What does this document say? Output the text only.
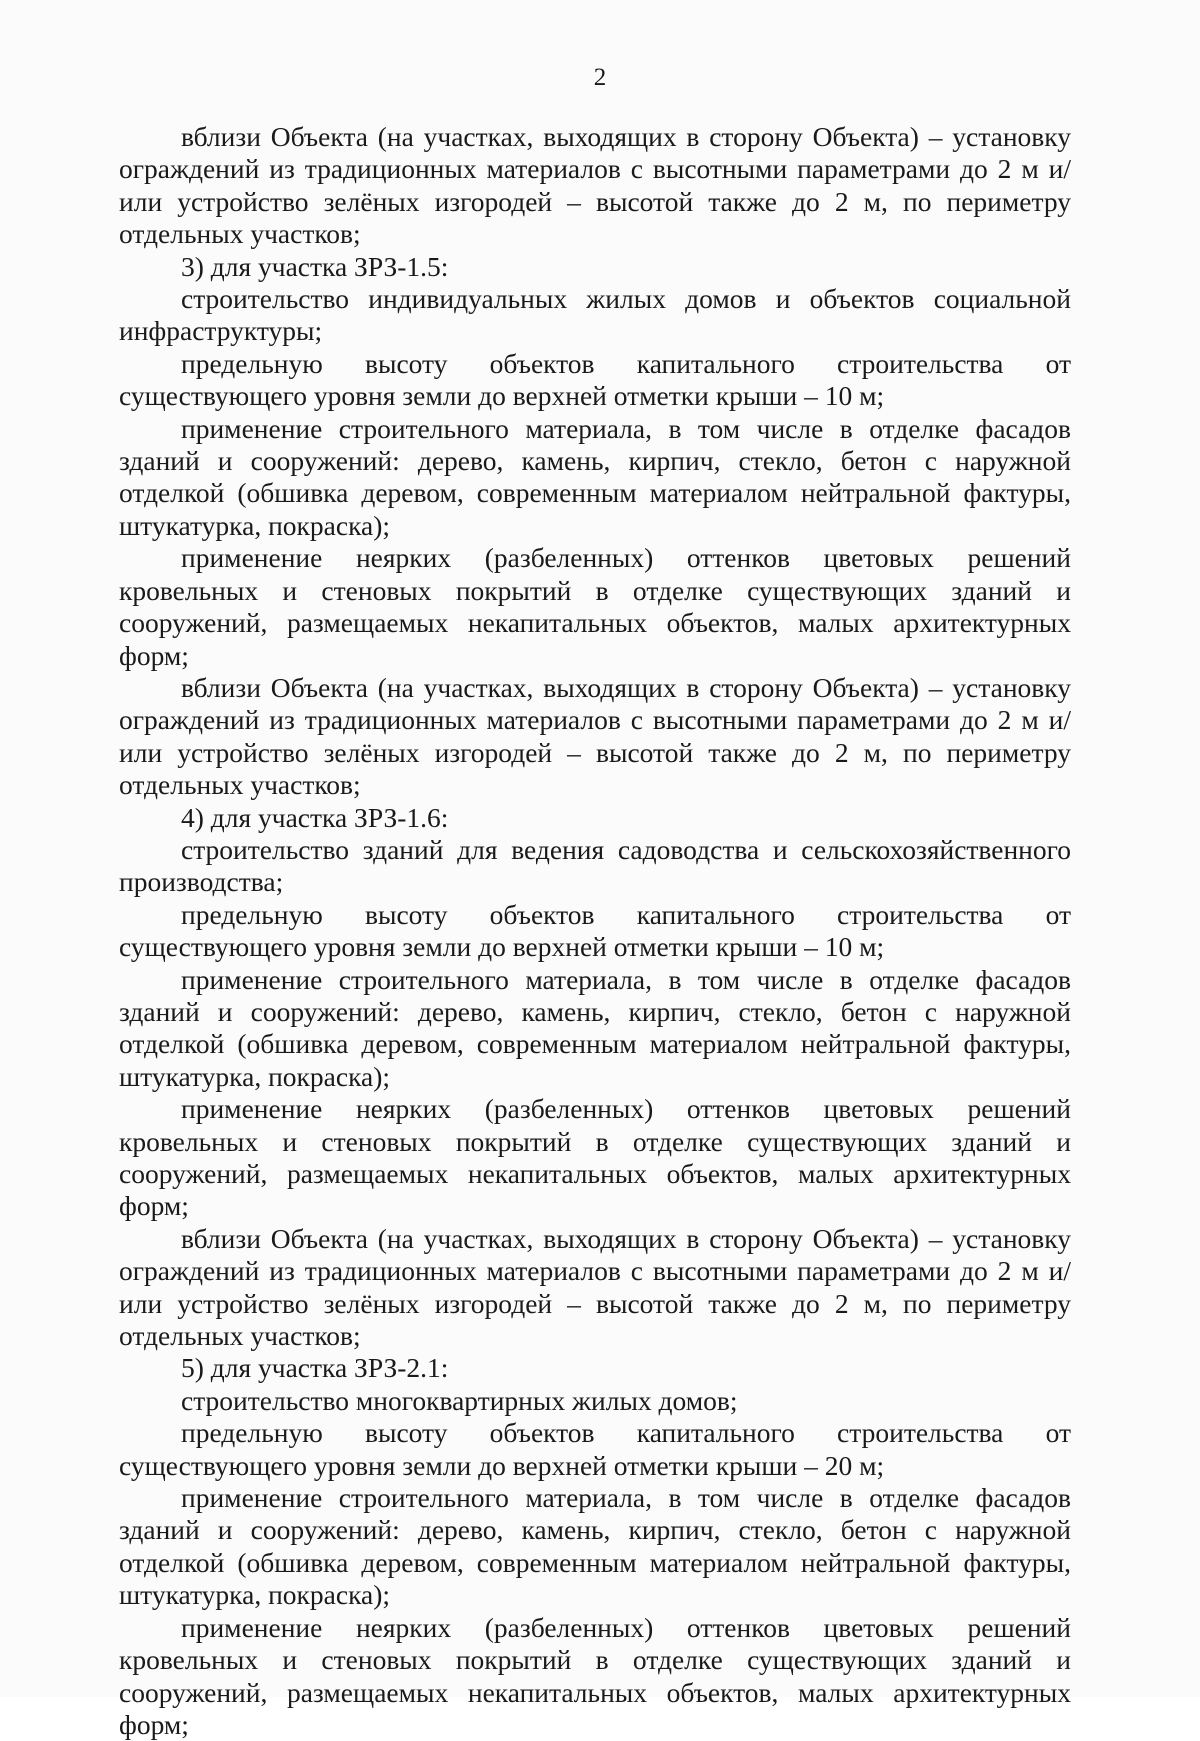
2

вблизи Объекта (на участках, выходящих в сторону Объекта) – установку ограждений из традиционных материалов с высотными параметрами до 2 м и/или устройство зелёных изгородей – высотой также до 2 м, по периметру отдельных участков;

3) для участка ЗРЗ-1.5:

строительство индивидуальных жилых домов и объектов социальной инфраструктуры;

предельную высоту объектов капитального строительства от существующего уровня земли до верхней отметки крыши – 10 м;

применение строительного материала, в том числе в отделке фасадов зданий и сооружений: дерево, камень, кирпич, стекло, бетон с наружной отделкой (обшивка деревом, современным материалом нейтральной фактуры, штукатурка, покраска);

применение неярких (разбеленных) оттенков цветовых решений кровельных и стеновых покрытий в отделке существующих зданий и сооружений, размещаемых некапитальных объектов, малых архитектурных форм;

вблизи Объекта (на участках, выходящих в сторону Объекта) – установку ограждений из традиционных материалов с высотными параметрами до 2 м и/или устройство зелёных изгородей – высотой также до 2 м, по периметру отдельных участков;

4) для участка ЗРЗ-1.6:

строительство зданий для ведения садоводства и сельскохозяйственного производства;

предельную высоту объектов капитального строительства от существующего уровня земли до верхней отметки крыши – 10 м;

применение строительного материала, в том числе в отделке фасадов зданий и сооружений: дерево, камень, кирпич, стекло, бетон с наружной отделкой (обшивка деревом, современным материалом нейтральной фактуры, штукатурка, покраска);

применение неярких (разбеленных) оттенков цветовых решений кровельных и стеновых покрытий в отделке существующих зданий и сооружений, размещаемых некапитальных объектов, малых архитектурных форм;

вблизи Объекта (на участках, выходящих в сторону Объекта) – установку ограждений из традиционных материалов с высотными параметрами до 2 м и/или устройство зелёных изгородей – высотой также до 2 м, по периметру отдельных участков;

5) для участка ЗРЗ-2.1:

строительство многоквартирных жилых домов;

предельную высоту объектов капитального строительства от существующего уровня земли до верхней отметки крыши – 20 м;

применение строительного материала, в том числе в отделке фасадов зданий и сооружений: дерево, камень, кирпич, стекло, бетон с наружной отделкой (обшивка деревом, современным материалом нейтральной фактуры, штукатурка, покраска);

применение неярких (разбеленных) оттенков цветовых решений кровельных и стеновых покрытий в отделке существующих зданий и сооружений, размещаемых некапитальных объектов, малых архитектурных форм;
